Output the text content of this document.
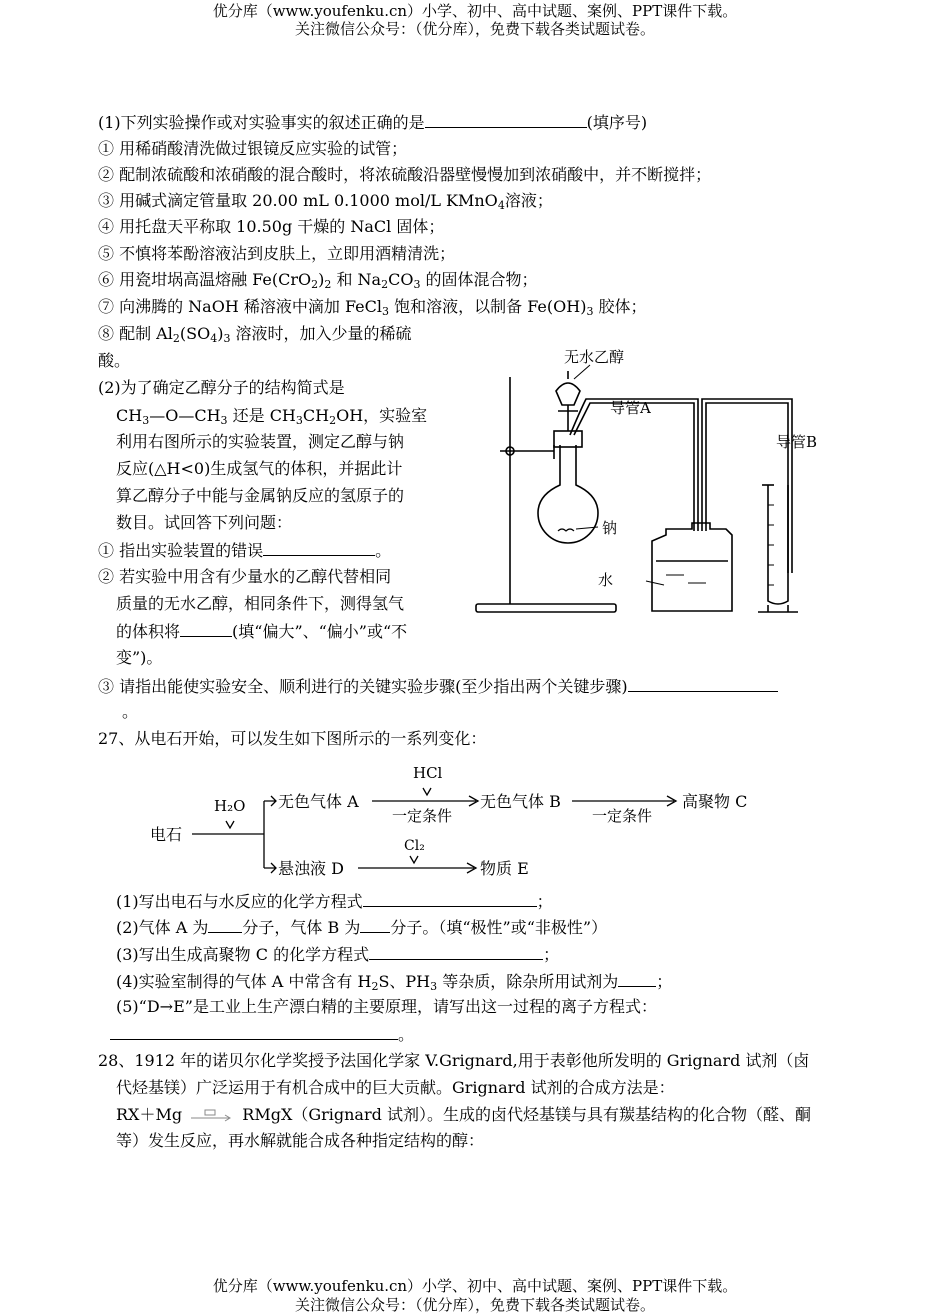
优分库（www.youfenku.cn）小学、初中、高中试题、案例、PPT课件下载。
关注微信公众号：（优分库），免费下载各类试题试卷。
(1)下列实验操作或对实验事实的叙述正确的是	(填序号)
① 用稀硝酸清洗做过银镜反应实验的试管；
② 配制浓硫酸和浓硝酸的混合酸时，将浓硫酸沿器壁慢慢加到浓硝酸中，并不断搅拌；
③ 用碱式滴定管量取 20.00 mL 0.1000 mol/L KMnO$_4$溶液；
④ 用托盘天平称取 10.50g 干燥的 NaCl 固体；
⑤ 不慎将苯酚溶液沾到皮肤上，立即用酒精清洗；
⑥ 用瓷坩埚高温熔融 $Fe(CrO_2)_2$ 和 $Na_2CO_3$ 的固体混合物；
⑦ 向沸腾的 NaOH 稀溶液中滴加 FeCl$_3$ 饱和溶液，以制备 $Fe(OH)_3$ 胶体；
⑧ 配制 $Al_2(SO_4)_3$ 溶液时，加入少量的稀硫
酸。
(2)为了确定乙醇分子的结构简式是
$CH_3—O—CH_3$ 还是 $CH_3CH_2OH$，实验室
利用右图所示的实验装置，测定乙醇与钠
反应(△H<0)生成氢气的体积，并据此计
算乙醇分子中能与金属钠反应的氢原子的
数目。试回答下列问题：
① 指出实验装置的错误	。
② 若实验中用含有少量水的乙醇代替相同
质量的无水乙醇，相同条件下，测得氢气
的体积将	(填“偏大”、“偏小”或“不
变”)。
③ 请指出能使实验安全、顺利进行的关键实验步骤(至少指出两个关键步骤)
。
无水乙醇
导管A
导管B
钠
水
27、从电石开始，可以发生如下图所示的一系列变化：
电石
H₂O 无色气体 A
HCl
一定条件
无色气体 B
一定条件
高聚物 C
Cl₂
悬浊液 D	物质 E
(1)写出电石与水反应的化学方程式	；
(2)气体 A 为 分子，气体 B 为 分子。（填“极性”或“非极性”）
(3)写出生成高聚物 C 的化学方程式	；
(4)实验室制得的气体 A 中常含有 $H_2S$、$PH_3$ 等杂质，除杂所用试剂为 ；
(5)“D→E”是工业上生产漂白精的主要原理，请写出这一过程的离子方程式：
。
28、1912 年的诺贝尔化学奖授予法国化学家 V.Grignard,用于表彰他所发明的 Grignard 试剂（卤
代烃基镁）广泛运用于有机合成中的巨大贡献。Grignard 试剂的合成方法是：
RX＋Mg	RMgX（Grignard 试剂）。生成的卤代烃基镁与具有羰基结构的化合物（醛、酮
等）发生反应，再水解就能合成各种指定结构的醇：
优分库（www.youfenku.cn）小学、初中、高中试题、案例、PPT课件下载。
关注微信公众号：（优分库），免费下载各类试题试卷。
